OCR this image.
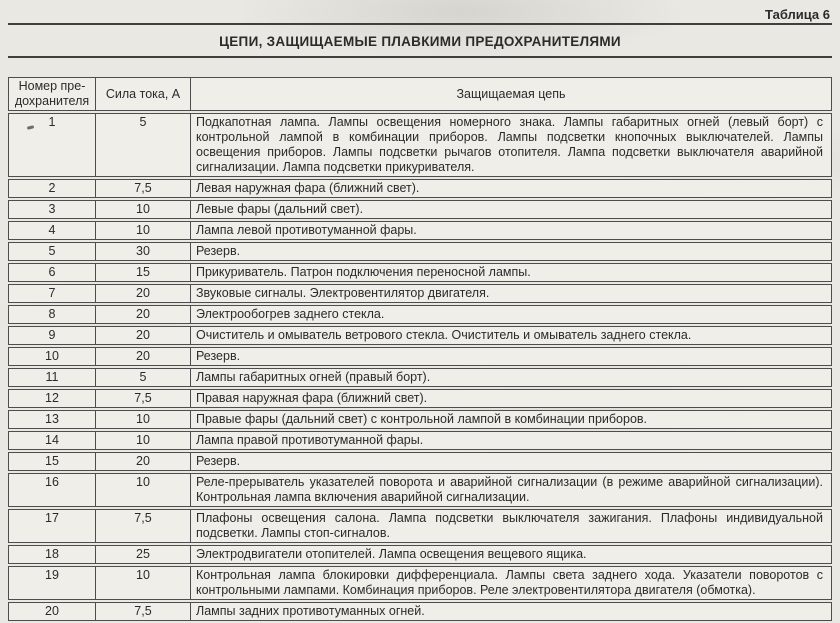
Таблица 6
ЦЕПИ, ЗАЩИЩАЕМЫЕ ПЛАВКИМИ ПРЕДОХРАНИТЕЛЯМИ
Номер пре-
дохранителя	Сила тока, А	Защищаемая цепь
1	5	Подкапотная лампа. Лампы освещения номерного знака. Лампы габаритных огней (левый борт) с контрольной лампой в комбинации приборов. Лампы подсветки кнопочных выключателей. Лампы освещения приборов. Лампы подсветки рычагов отопителя. Лампа подсветки выключателя аварийной сигнализации. Лампа подсветки прикуривателя.
2	7,5	Левая наружная фара (ближний свет).
3	10	Левые фары (дальний свет).
4	10	Лампа левой противотуманной фары.
5	30	Резерв.
6	15	Прикуриватель. Патрон подключения переносной лампы.
7	20	Звуковые сигналы. Электровентилятор двигателя.
8	20	Электрообогрев заднего стекла.
9	20	Очиститель и омыватель ветрового стекла. Очиститель и омыватель заднего стекла.
10	20	Резерв.
11	5	Лампы габаритных огней (правый борт).
12	7,5	Правая наружная фара (ближний свет).
13	10	Правые фары (дальний свет) с контрольной лампой в комбинации приборов.
14	10	Лампа правой противотуманной фары.
15	20	Резерв.
16	10	Реле-прерыватель указателей поворота и аварийной сигнализации (в режиме аварийной сигнализации). Контрольная лампа включения аварийной сигнализации.
17	7,5	Плафоны освещения салона. Лампа подсветки выключателя зажигания. Плафоны индивидуальной подсветки. Лампы стоп-сигналов.
18	25	Электродвигатели отопителей. Лампа освещения вещевого ящика.
19	10	Контрольная лампа блокировки дифференциала. Лампы света заднего хода. Указатели поворотов с контрольными лампами. Комбинация приборов. Реле электровентилятора двигателя (обмотка).
20	7,5	Лампы задних противотуманных огней.
